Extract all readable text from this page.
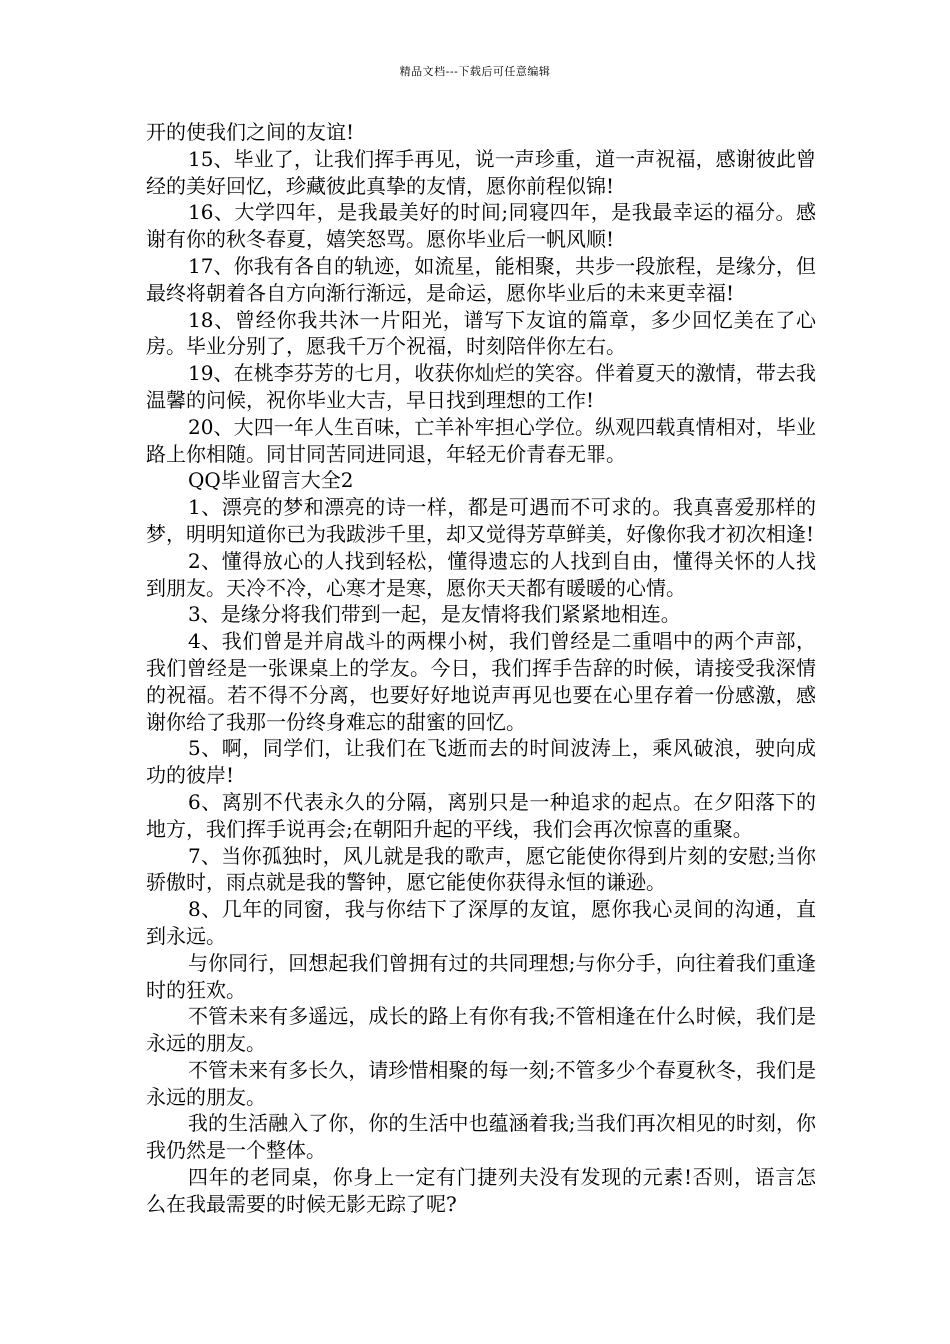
精品文档---下载后可任意编辑

开的使我们之间的友谊!

15、毕业了，让我们挥手再见，说一声珍重，道一声祝福，感谢彼此曾经的美好回忆，珍藏彼此真挚的友情，愿你前程似锦!

16、大学四年，是我最美好的时间;同寝四年，是我最幸运的福分。感谢有你的秋冬春夏，嬉笑怒骂。愿你毕业后一帆风顺!

17、你我有各自的轨迹，如流星，能相聚，共步一段旅程，是缘分，但最终将朝着各自方向渐行渐远，是命运，愿你毕业后的未来更幸福!

18、曾经你我共沐一片阳光，谱写下友谊的篇章，多少回忆美在了心房。毕业分别了，愿我千万个祝福，时刻陪伴你左右。

19、在桃李芬芳的七月，收获你灿烂的笑容。伴着夏天的激情，带去我温馨的问候，祝你毕业大吉，早日找到理想的工作!

20、大四一年人生百味，亡羊补牢担心学位。纵观四载真情相对，毕业路上你相随。同甘同苦同进同退，年轻无价青春无罪。

QQ毕业留言大全2

1、漂亮的梦和漂亮的诗一样，都是可遇而不可求的。我真喜爱那样的梦，明明知道你已为我跋涉千里，却又觉得芳草鲜美，好像你我才初次相逢!

2、懂得放心的人找到轻松，懂得遗忘的人找到自由，懂得关怀的人找到朋友。天冷不冷，心寒才是寒，愿你天天都有暖暖的心情。

3、是缘分将我们带到一起，是友情将我们紧紧地相连。

4、我们曾是并肩战斗的两棵小树，我们曾经是二重唱中的两个声部，我们曾经是一张课桌上的学友。今日，我们挥手告辞的时候，请接受我深情的祝福。若不得不分离，也要好好地说声再见也要在心里存着一份感激，感谢你给了我那一份终身难忘的甜蜜的回忆。

5、啊，同学们，让我们在飞逝而去的时间波涛上，乘风破浪，驶向成功的彼岸!

6、离别不代表永久的分隔，离别只是一种追求的起点。在夕阳落下的地方，我们挥手说再会;在朝阳升起的平线，我们会再次惊喜的重聚。

7、当你孤独时，风儿就是我的歌声，愿它能使你得到片刻的安慰;当你骄傲时，雨点就是我的警钟，愿它能使你获得永恒的谦逊。

8、几年的同窗，我与你结下了深厚的友谊，愿你我心灵间的沟通，直到永远。

与你同行，回想起我们曾拥有过的共同理想;与你分手，向往着我们重逢时的狂欢。

不管未来有多遥远，成长的路上有你有我;不管相逢在什么时候，我们是永远的朋友。

不管未来有多长久，请珍惜相聚的每一刻;不管多少个春夏秋冬，我们是永远的朋友。

我的生活融入了你，你的生活中也蕴涵着我;当我们再次相见的时刻，你我仍然是一个整体。

四年的老同桌，你身上一定有门捷列夫没有发现的元素!否则，语言怎么在我最需要的时候无影无踪了呢?
